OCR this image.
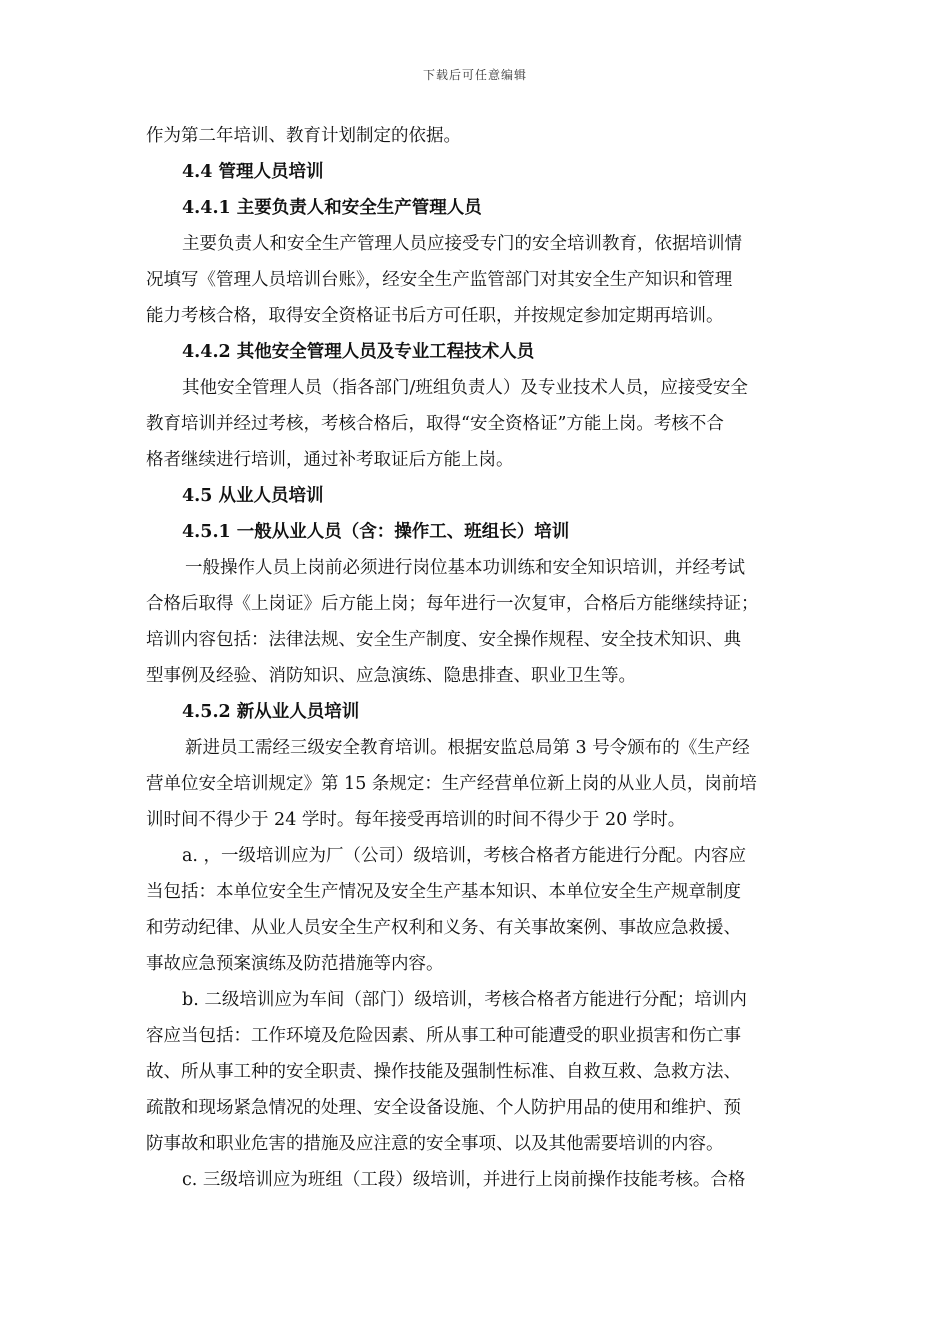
下载后可任意编辑
作为第二年培训、教育计划制定的依据。
4.4 管理人员培训
4.4.1 主要负责人和安全生产管理人员
主要负责人和安全生产管理人员应接受专门的安全培训教育，依据培训情
况填写《管理人员培训台账》，经安全生产监管部门对其安全生产知识和管理
能力考核合格，取得安全资格证书后方可任职，并按规定参加定期再培训。
4.4.2 其他安全管理人员及专业工程技术人员
其他安全管理人员（指各部门/班组负责人）及专业技术人员，应接受安全
教育培训并经过考核，考核合格后，取得“安全资格证”方能上岗。考核不合
格者继续进行培训，通过补考取证后方能上岗。
4.5 从业人员培训
4.5.1 一般从业人员（含：操作工、班组长）培训
一般操作人员上岗前必须进行岗位基本功训练和安全知识培训，并经考试
合格后取得《上岗证》后方能上岗；每年进行一次复审，合格后方能继续持证；
培训内容包括：法律法规、安全生产制度、安全操作规程、安全技术知识、典
型事例及经验、消防知识、应急演练、隐患排查、职业卫生等。
4.5.2 新从业人员培训
新进员工需经三级安全教育培训。根据安监总局第 3 号令颁布的《生产经
营单位安全培训规定》第 15 条规定：生产经营单位新上岗的从业人员，岗前培
训时间不得少于 24 学时。每年接受再培训的时间不得少于 20 学时。
a. ，一级培训应为厂（公司）级培训，考核合格者方能进行分配。内容应
当包括：本单位安全生产情况及安全生产基本知识、本单位安全生产规章制度
和劳动纪律、从业人员安全生产权利和义务、有关事故案例、事故应急救援、
事故应急预案演练及防范措施等内容。
b. 二级培训应为车间（部门）级培训，考核合格者方能进行分配；培训内
容应当包括：工作环境及危险因素、所从事工种可能遭受的职业损害和伤亡事
故、所从事工种的安全职责、操作技能及强制性标准、自救互救、急救方法、
疏散和现场紧急情况的处理、安全设备设施、个人防护用品的使用和维护、预
防事故和职业危害的措施及应注意的安全事项、以及其他需要培训的内容。
c. 三级培训应为班组（工段）级培训，并进行上岗前操作技能考核。合格
